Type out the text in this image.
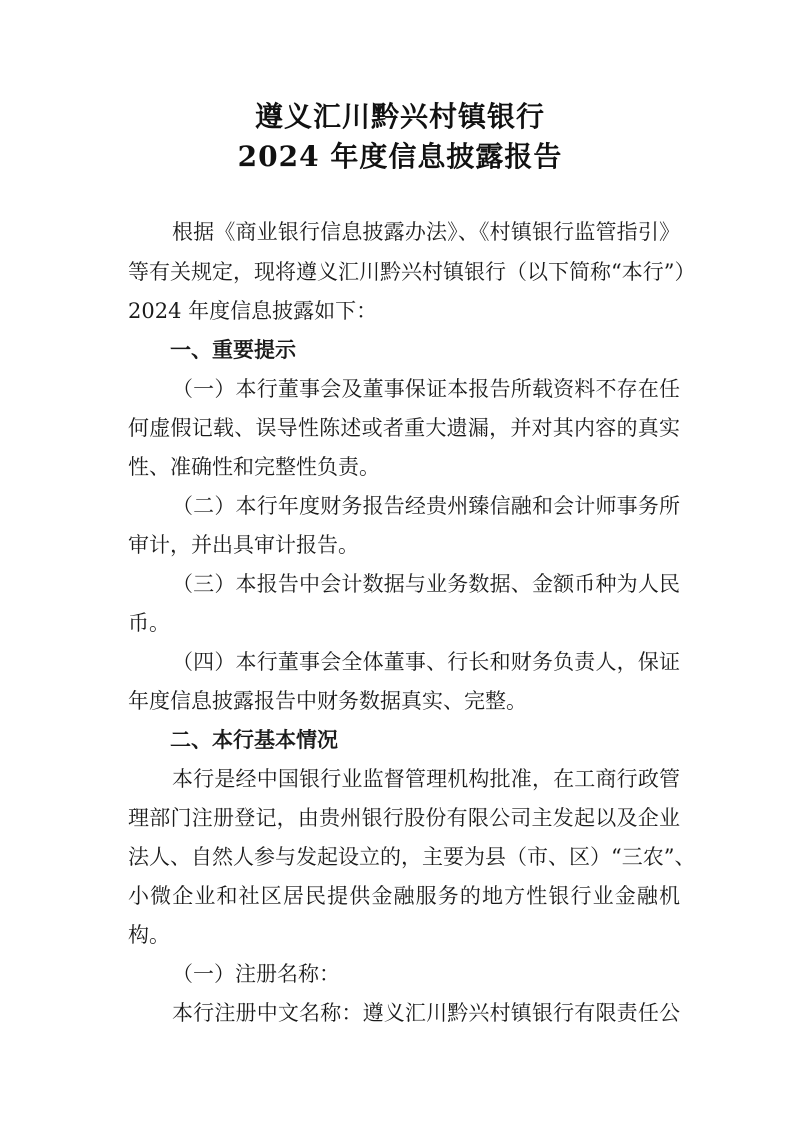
遵义汇川黔兴村镇银行
2024 年度信息披露报告
根据《商业银行信息披露办法》、《村镇银行监管指引》
等有关规定，现将遵义汇川黔兴村镇银行（以下简称“本行”）
2024 年度信息披露如下：
一、重要提示
（一）本行董事会及董事保证本报告所载资料不存在任
何虚假记载、误导性陈述或者重大遗漏，并对其内容的真实
性、准确性和完整性负责。
（二）本行年度财务报告经贵州臻信融和会计师事务所
审计，并出具审计报告。
（三）本报告中会计数据与业务数据、金额币种为人民
币。
（四）本行董事会全体董事、行长和财务负责人，保证
年度信息披露报告中财务数据真实、完整。
二、本行基本情况
本行是经中国银行业监督管理机构批准，在工商行政管
理部门注册登记，由贵州银行股份有限公司主发起以及企业
法人、自然人参与发起设立的，主要为县（市、区）“三农”、
小微企业和社区居民提供金融服务的地方性银行业金融机
构。
（一）注册名称：
本行注册中文名称：遵义汇川黔兴村镇银行有限责任公
